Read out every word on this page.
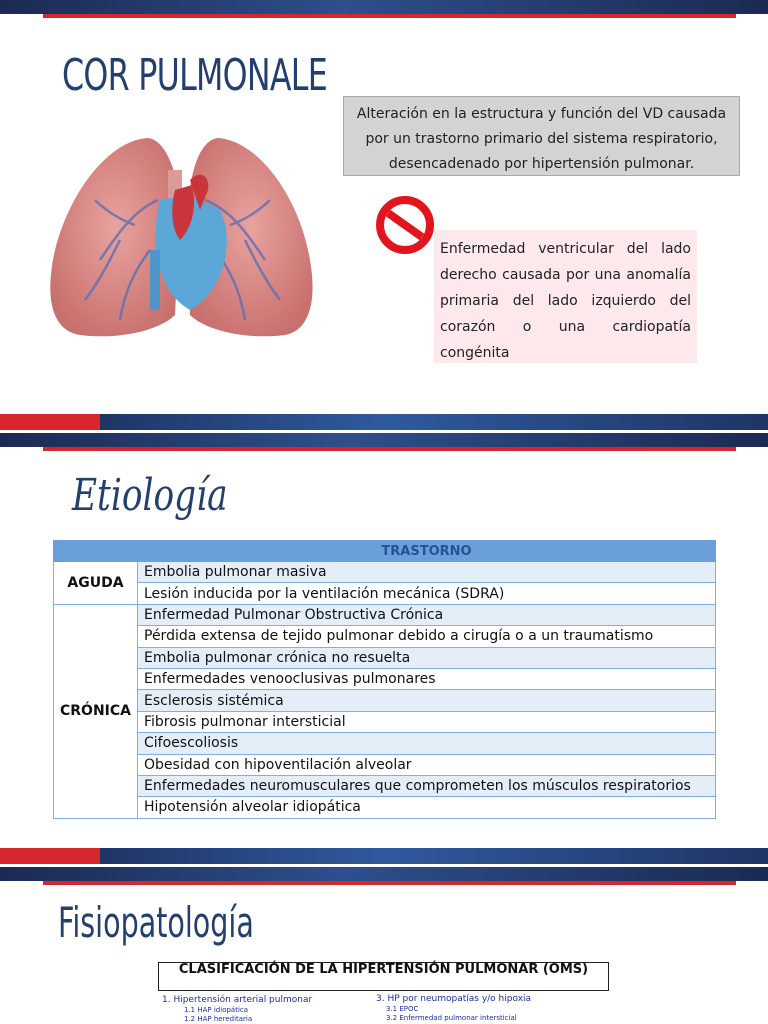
COR PULMONALE
Alteración en la estructura y función del VD causada por un trastorno primario del sistema respiratorio, desencadenado por hipertensión pulmonar.
Enfermedad ventricular del lado derecho causada por una anomalía primaria del lado izquierdo del corazón o una cardiopatía congénita
Etiología
	TRASTORNO
AGUDA	Embolia pulmonar masiva
	Lesión inducida por la ventilación mecánica (SDRA)
CRÓNICA	Enfermedad Pulmonar Obstructiva Crónica
	Pérdida extensa de tejido pulmonar debido a cirugía o a un traumatismo
	Embolia pulmonar crónica no resuelta
	Enfermedades venooclusivas pulmonares
	Esclerosis sistémica
	Fibrosis pulmonar intersticial
	Cifoescoliosis
	Obesidad con hipoventilación alveolar
	Enfermedades neuromusculares que comprometen los músculos respiratorios
	Hipotensión alveolar idiopática
Fisiopatología
CLASIFICACIÓN DE LA HIPERTENSIÓN PULMONAR (OMS)
1. Hipertensión arterial pulmonar
1.1 HAP idiopática
1.2 HAP hereditaria
3. HP por neumopatías y/o hipoxia
3.1 EPOC
3.2 Enfermedad pulmonar intersticial
